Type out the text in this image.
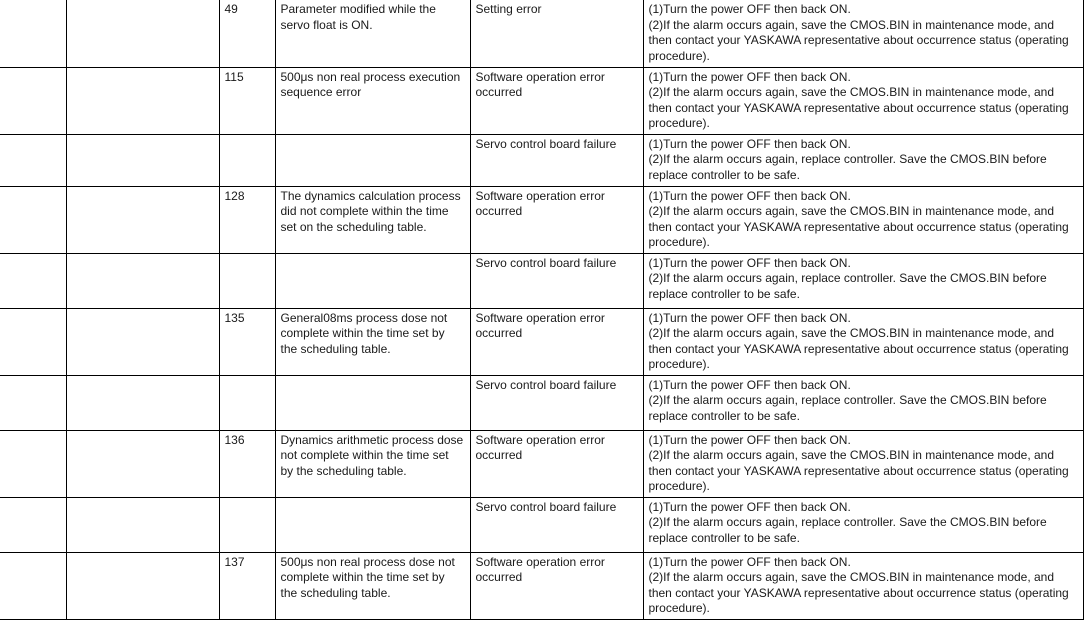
		49	Parameter modified while the servo float is ON.	Setting error	(1)Turn the power OFF then back ON.
(2)If the alarm occurs again, save the CMOS.BIN in maintenance mode, and then contact your YASKAWA representative about occurrence status (operating procedure).

		115	500μs non real process execution sequence error	Software operation error occurred	(1)Turn the power OFF then back ON.
(2)If the alarm occurs again, save the CMOS.BIN in maintenance mode, and then contact your YASKAWA representative about occurrence status (operating procedure).

				Servo control board failure	(1)Turn the power OFF then back ON.
(2)If the alarm occurs again, replace controller. Save the CMOS.BIN before replace controller to be safe.

		128	The dynamics calculation process did not complete within the time set on the scheduling table.	Software operation error occurred	(1)Turn the power OFF then back ON.
(2)If the alarm occurs again, save the CMOS.BIN in maintenance mode, and then contact your YASKAWA representative about occurrence status (operating procedure).

				Servo control board failure	(1)Turn the power OFF then back ON.
(2)If the alarm occurs again, replace controller. Save the CMOS.BIN before replace controller to be safe.

		135	General08ms process dose not complete within the time set by the scheduling table.	Software operation error occurred	(1)Turn the power OFF then back ON.
(2)If the alarm occurs again, save the CMOS.BIN in maintenance mode, and then contact your YASKAWA representative about occurrence status (operating procedure).

				Servo control board failure	(1)Turn the power OFF then back ON.
(2)If the alarm occurs again, replace controller. Save the CMOS.BIN before replace controller to be safe.

		136	Dynamics arithmetic process dose not complete within the time set by the scheduling table.	Software operation error occurred	(1)Turn the power OFF then back ON.
(2)If the alarm occurs again, save the CMOS.BIN in maintenance mode, and then contact your YASKAWA representative about occurrence status (operating procedure).

				Servo control board failure	(1)Turn the power OFF then back ON.
(2)If the alarm occurs again, replace controller. Save the CMOS.BIN before replace controller to be safe.

		137	500μs non real process dose not complete within the time set by the scheduling table.	Software operation error occurred	(1)Turn the power OFF then back ON.
(2)If the alarm occurs again, save the CMOS.BIN in maintenance mode, and then contact your YASKAWA representative about occurrence status (operating procedure).
